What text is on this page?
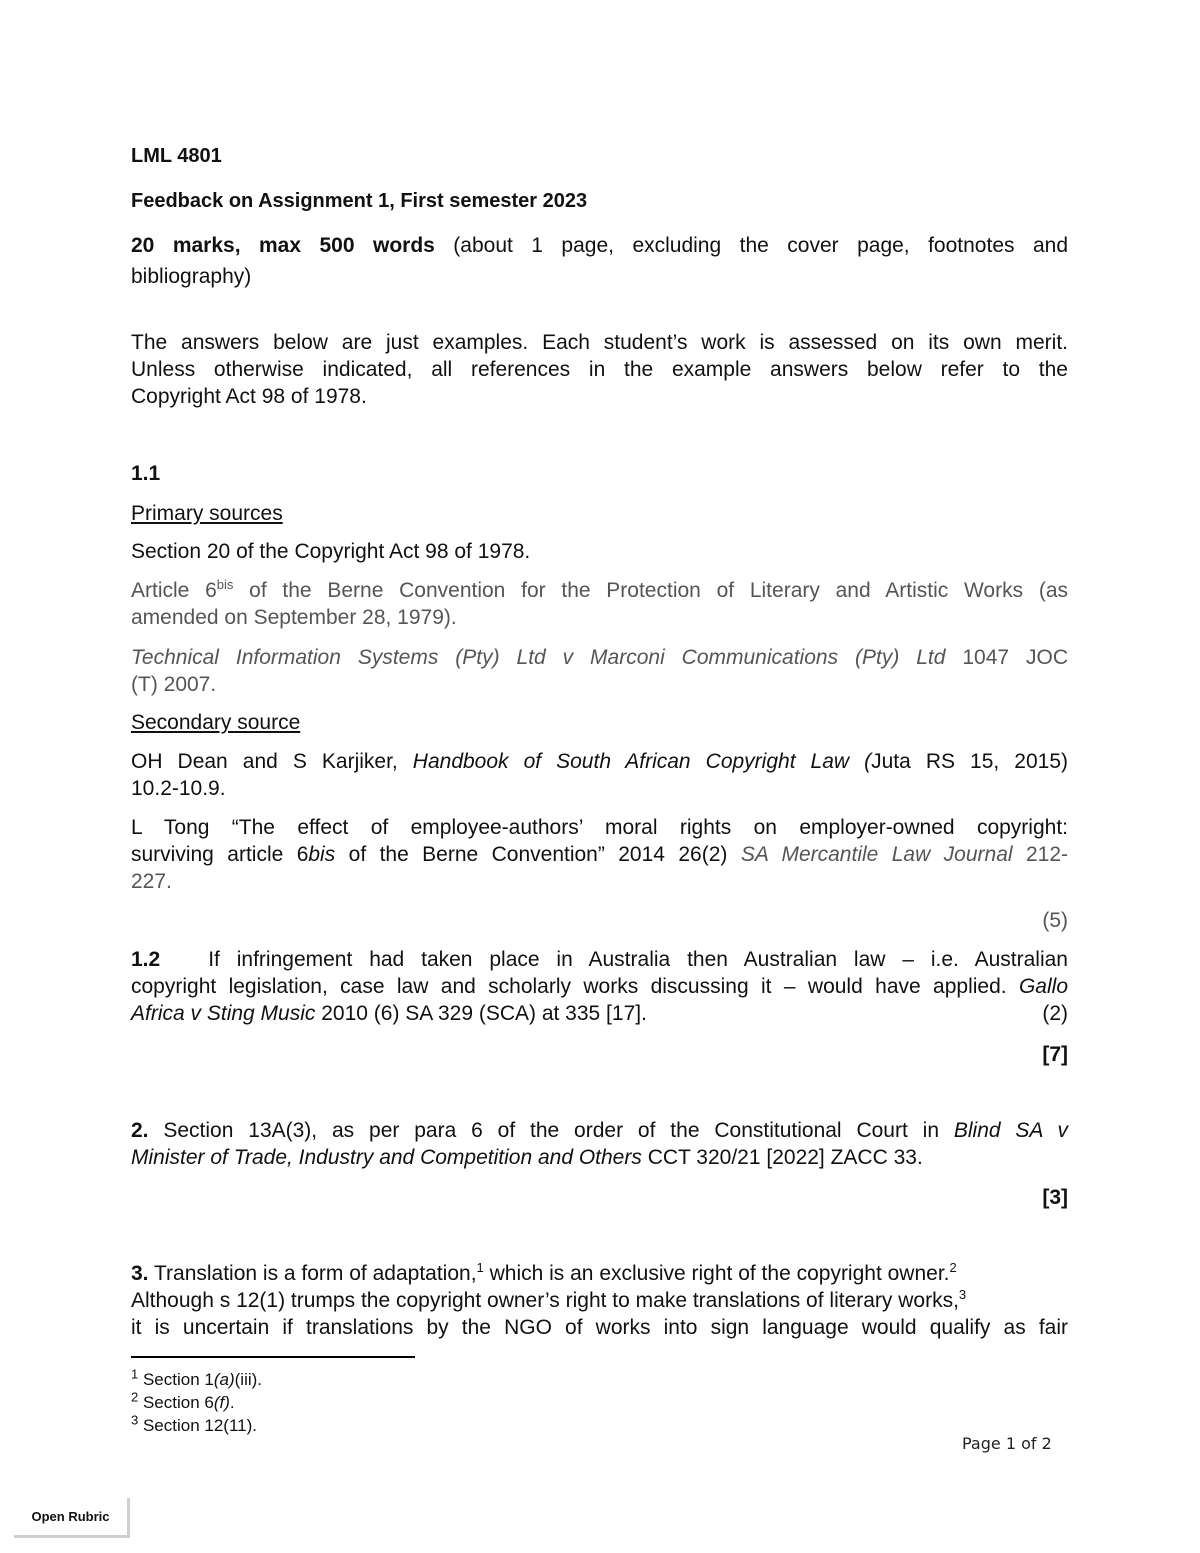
LML 4801
Feedback on Assignment 1, First semester 2023
20 marks, max 500 words (about 1 page, excluding the cover page, footnotes and
bibliography)
The answers below are just examples. Each student’s work is assessed on its own merit.
Unless otherwise indicated, all references in the example answers below refer to the
Copyright Act 98 of 1978.
1.1
Primary sources
Section 20 of the Copyright Act 98 of 1978.
Article $6^{bis}$ of the Berne Convention for the Protection of Literary and Artistic Works (as
amended on September 28, 1979).
Technical Information Systems (Pty) Ltd v Marconi Communications (Pty) Ltd 1047 JOC
(T) 2007.
Secondary source
OH Dean and S Karjiker, Handbook of South African Copyright Law (Juta RS 15, 2015)
10.2-10.9.
L Tong “The effect of employee-authors’ moral rights on employer-owned copyright:
surviving article 6bis of the Berne Convention” 2014 26(2) SA Mercantile Law Journal 212-
227.
(5)
1.2 If infringement had taken place in Australia then Australian law – i.e. Australian
copyright legislation, case law and scholarly works discussing it – would have applied. Gallo
Africa v Sting Music 2010 (6) SA 329 (SCA) at 335 [17].	(2)
[7]
2. Section 13A(3), as per para 6 of the order of the Constitutional Court in Blind SA v
Minister of Trade, Industry and Competition and Others CCT 320/21 [2022] ZACC 33.
[3]
3. Translation is a form of adaptation,$^1$ which is an exclusive right of the copyright owner.$^2$
Although s 12(1) trumps the copyright owner’s right to make translations of literary works,$^3$
it is uncertain if translations by the NGO of works into sign language would qualify as fair
$^1$ Section 1(a)(iii).
$^2$ Section 6(f).
$^3$ Section 12(11).
Page 1 of 2
Open Rubric
